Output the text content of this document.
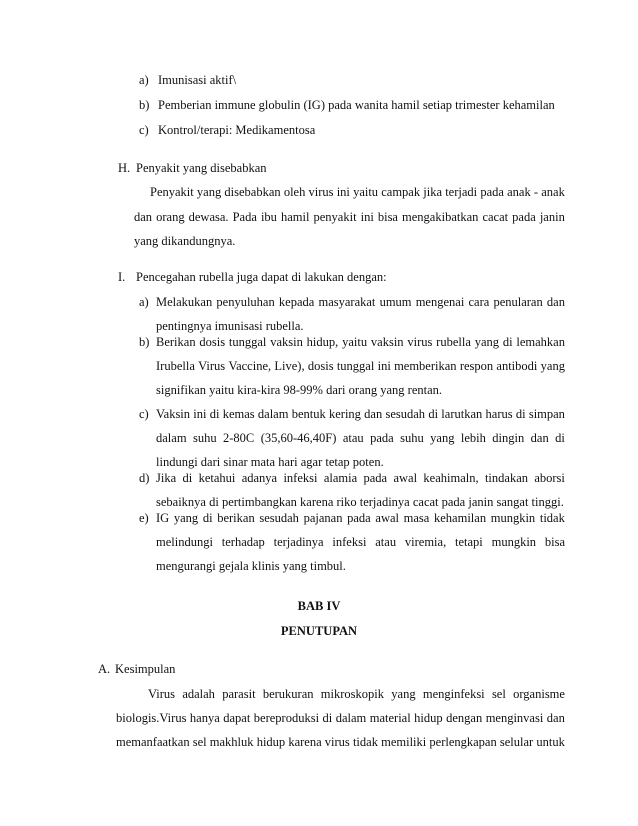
a) Imunisasi aktif\
b) Pemberian immune globulin (IG) pada wanita hamil setiap trimester kehamilan
c) Kontrol/terapi: Medikamentosa
H. Penyakit yang disebabkan
Penyakit yang disebabkan oleh virus ini yaitu campak jika terjadi pada anak - anak
dan orang dewasa. Pada ibu hamil penyakit ini bisa mengakibatkan cacat pada janin
yang dikandungnya.
I. Pencegahan rubella juga dapat di lakukan dengan:
a) Melakukan penyuluhan kepada masyarakat umum mengenai cara penularan dan
pentingnya imunisasi rubella.
b) Berikan dosis tunggal vaksin hidup, yaitu vaksin virus rubella yang di lemahkan
Irubella Virus Vaccine, Live), dosis tunggal ini memberikan respon antibodi yang
signifikan yaitu kira-kira 98-99% dari orang yang rentan.
c) Vaksin ini di kemas dalam bentuk kering dan sesudah di larutkan harus di simpan
dalam suhu 2-80C (35,60-46,40F) atau pada suhu yang lebih dingin dan di
lindungi dari sinar mata hari agar tetap poten.
d) Jika di ketahui adanya infeksi alamia pada awal keahimaln, tindakan aborsi
sebaiknya di pertimbangkan karena riko terjadinya cacat pada janin sangat tinggi.
e) IG yang di berikan sesudah pajanan pada awal masa kehamilan mungkin tidak
melindungi terhadap terjadinya infeksi atau viremia, tetapi mungkin bisa
mengurangi gejala klinis yang timbul.
BAB IV
PENUTUPAN
A. Kesimpulan
Virus adalah parasit berukuran mikroskopik yang menginfeksi sel organisme
biologis.Virus hanya dapat bereproduksi di dalam material hidup dengan menginvasi dan
memanfaatkan sel makhluk hidup karena virus tidak memiliki perlengkapan selular untuk
